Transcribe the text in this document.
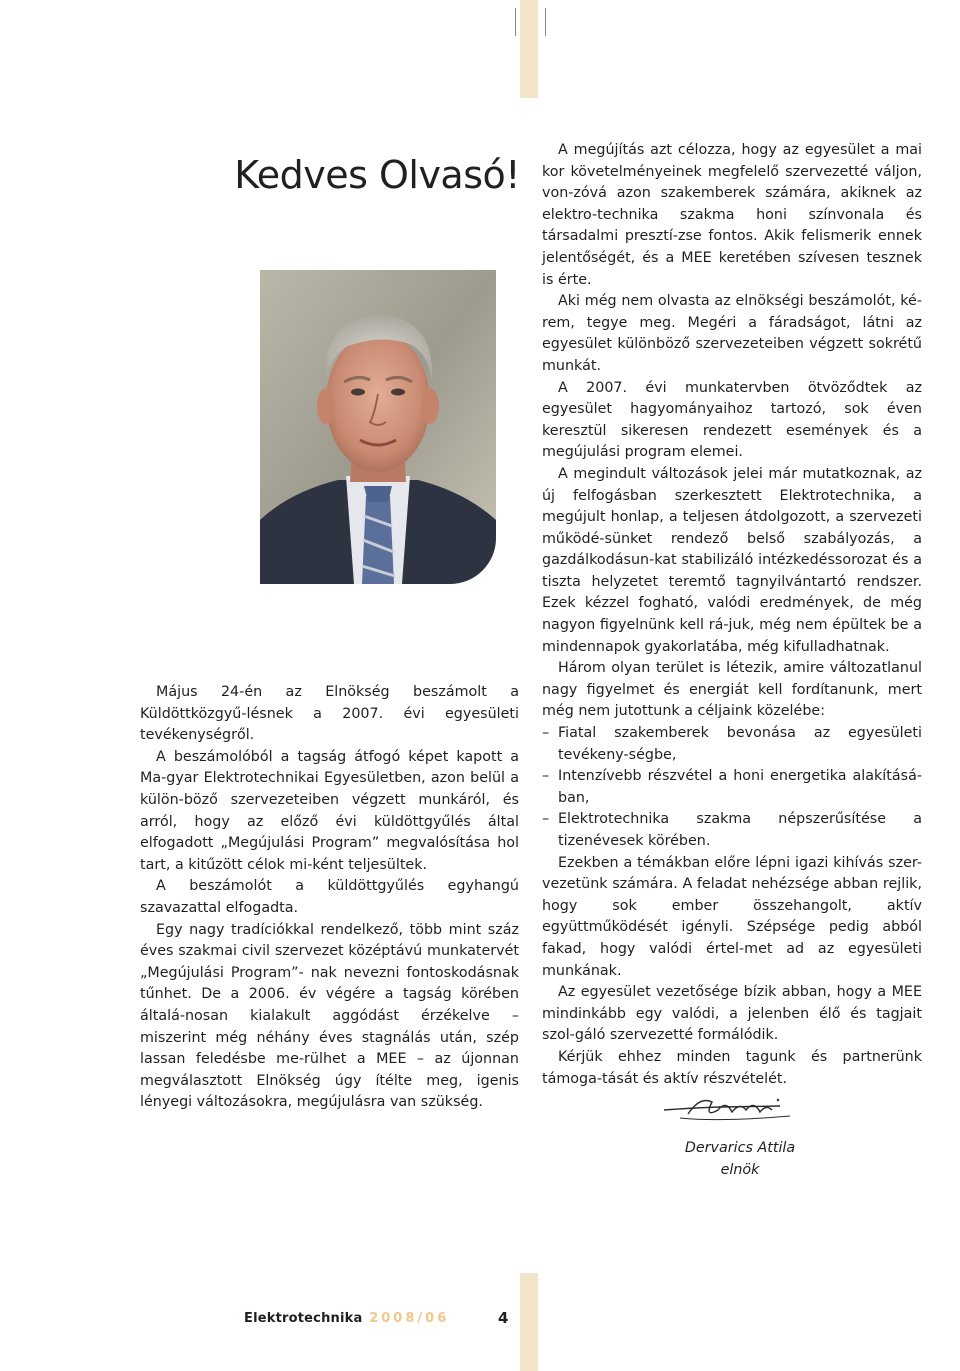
Kedves Olvasó!

Május 24-én az Elnökség beszámolt a Küldöttközgyű-lésnek a 2007. évi egyesületi tevékenységről.

A beszámolóból a tagság átfogó képet kapott a Ma-gyar Elektrotechnikai Egyesületben, azon belül a külön-böző szervezeteiben végzett munkáról, és arról, hogy az előző évi küldöttgyűlés által elfogadott „Megújulási Program” megvalósítása hol tart, a kitűzött célok mi-ként teljesültek.

A beszámolót a küldöttgyűlés egyhangú szavazattal elfogadta.

Egy nagy tradíciókkal rendelkező, több mint száz éves szakmai civil szervezet középtávú munkatervét „Megújulási Program”- nak nevezni fontoskodásnak tűnhet. De a 2006. év végére a tagság körében általá-nosan kialakult aggódást érzékelve – miszerint még néhány éves stagnálás után, szép lassan feledésbe me-rülhet a MEE – az újonnan megválasztott Elnökség úgy ítélte meg, igenis lényegi változásokra, megújulásra van szükség.

A megújítás azt célozza, hogy az egyesület a mai kor követelményeinek megfelelő szervezetté váljon, von-zóvá azon szakemberek számára, akiknek az elektro-technika szakma honi színvonala és társadalmi presztí-zse fontos. Akik felismerik ennek jelentőségét, és a MEE keretében szívesen tesznek is érte.

Aki még nem olvasta az elnökségi beszámolót, ké-rem, tegye meg. Megéri a fáradságot, látni az egyesület különböző szervezeteiben végzett sokrétű munkát.

A 2007. évi munkatervben ötvöződtek az egyesület hagyományaihoz tartozó, sok éven keresztül sikeresen rendezett események és a megújulási program elemei.

A megindult változások jelei már mutatkoznak, az új felfogásban szerkesztett Elektrotechnika, a megújult honlap, a teljesen átdolgozott, a szervezeti működé-sünket rendező belső szabályozás, a gazdálkodásun-kat stabilizáló intézkedéssorozat és a tiszta helyzetet teremtő tagnyilvántartó rendszer. Ezek kézzel fogható, valódi eredmények, de még nagyon figyelnünk kell rá-juk, még nem épültek be a mindennapok gyakorlatába, még kifulladhatnak.

Három olyan terület is létezik, amire változatlanul nagy figyelmet és energiát kell fordítanunk, mert még nem jutottunk a céljaink közelébe:

– Fiatal szakemberek bevonása az egyesületi tevékeny-ségbe,
– Intenzívebb részvétel a honi energetika alakításá-ban,
– Elektrotechnika szakma népszerűsítése a tizenévesek körében.

Ezekben a témákban előre lépni igazi kihívás szer-vezetünk számára. A feladat nehézsége abban rejlik, hogy sok ember összehangolt, aktív együttműködését igényli. Szépsége pedig abból fakad, hogy valódi értel-met ad az egyesületi munkának.

Az egyesület vezetősége bízik abban, hogy a MEE mindinkább egy valódi, a jelenben élő és tagjait szol-gáló szervezetté formálódik.

Kérjük ehhez minden tagunk és partnerünk támoga-tását és aktív részvételét.

Dervarics Attila
elnök
Elektrotechnika 2008/06	4
